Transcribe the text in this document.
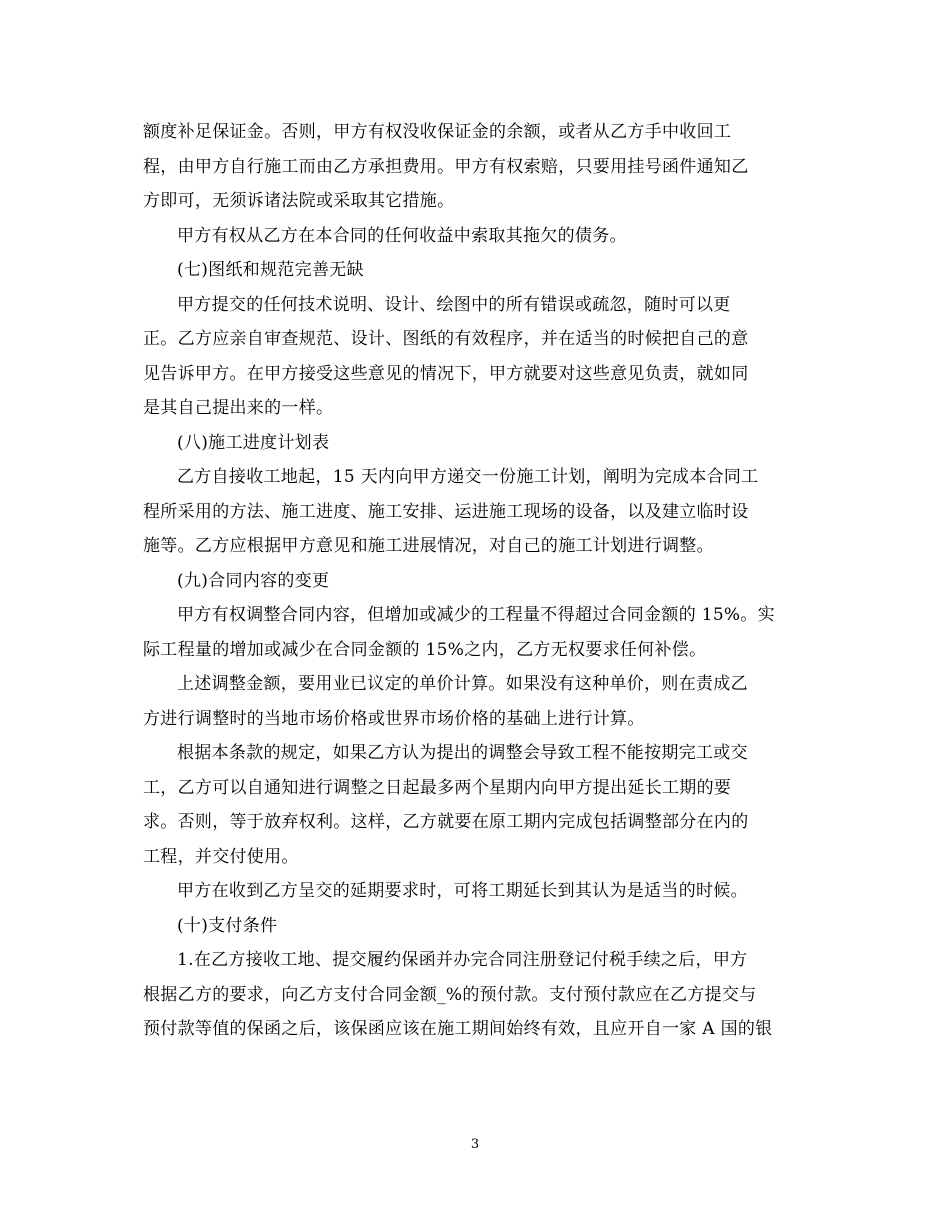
额度补足保证金。否则，甲方有权没收保证金的余额，或者从乙方手中收回工
程，由甲方自行施工而由乙方承担费用。甲方有权索赔，只要用挂号函件通知乙
方即可，无须诉诸法院或采取其它措施。

甲方有权从乙方在本合同的任何收益中索取其拖欠的债务。

(七)图纸和规范完善无缺

甲方提交的任何技术说明、设计、绘图中的所有错误或疏忽，随时可以更
正。乙方应亲自审查规范、设计、图纸的有效程序，并在适当的时候把自己的意
见告诉甲方。在甲方接受这些意见的情况下，甲方就要对这些意见负责，就如同
是其自己提出来的一样。

(八)施工进度计划表

乙方自接收工地起，15 天内向甲方递交一份施工计划，阐明为完成本合同工
程所采用的方法、施工进度、施工安排、运进施工现场的设备，以及建立临时设
施等。乙方应根据甲方意见和施工进展情况，对自己的施工计划进行调整。

(九)合同内容的变更

甲方有权调整合同内容，但增加或减少的工程量不得超过合同金额的 15%。实
际工程量的增加或减少在合同金额的 15%之内，乙方无权要求任何补偿。

上述调整金额，要用业已议定的单价计算。如果没有这种单价，则在责成乙
方进行调整时的当地市场价格或世界市场价格的基础上进行计算。

根据本条款的规定，如果乙方认为提出的调整会导致工程不能按期完工或交
工，乙方可以自通知进行调整之日起最多两个星期内向甲方提出延长工期的要
求。否则，等于放弃权利。这样，乙方就要在原工期内完成包括调整部分在内的
工程，并交付使用。

甲方在收到乙方呈交的延期要求时，可将工期延长到其认为是适当的时候。

(十)支付条件

1.在乙方接收工地、提交履约保函并办完合同注册登记付税手续之后，甲方
根据乙方的要求，向乙方支付合同金额_%的预付款。支付预付款应在乙方提交与
预付款等值的保函之后，该保函应该在施工期间始终有效，且应开自一家 A 国的银

3
